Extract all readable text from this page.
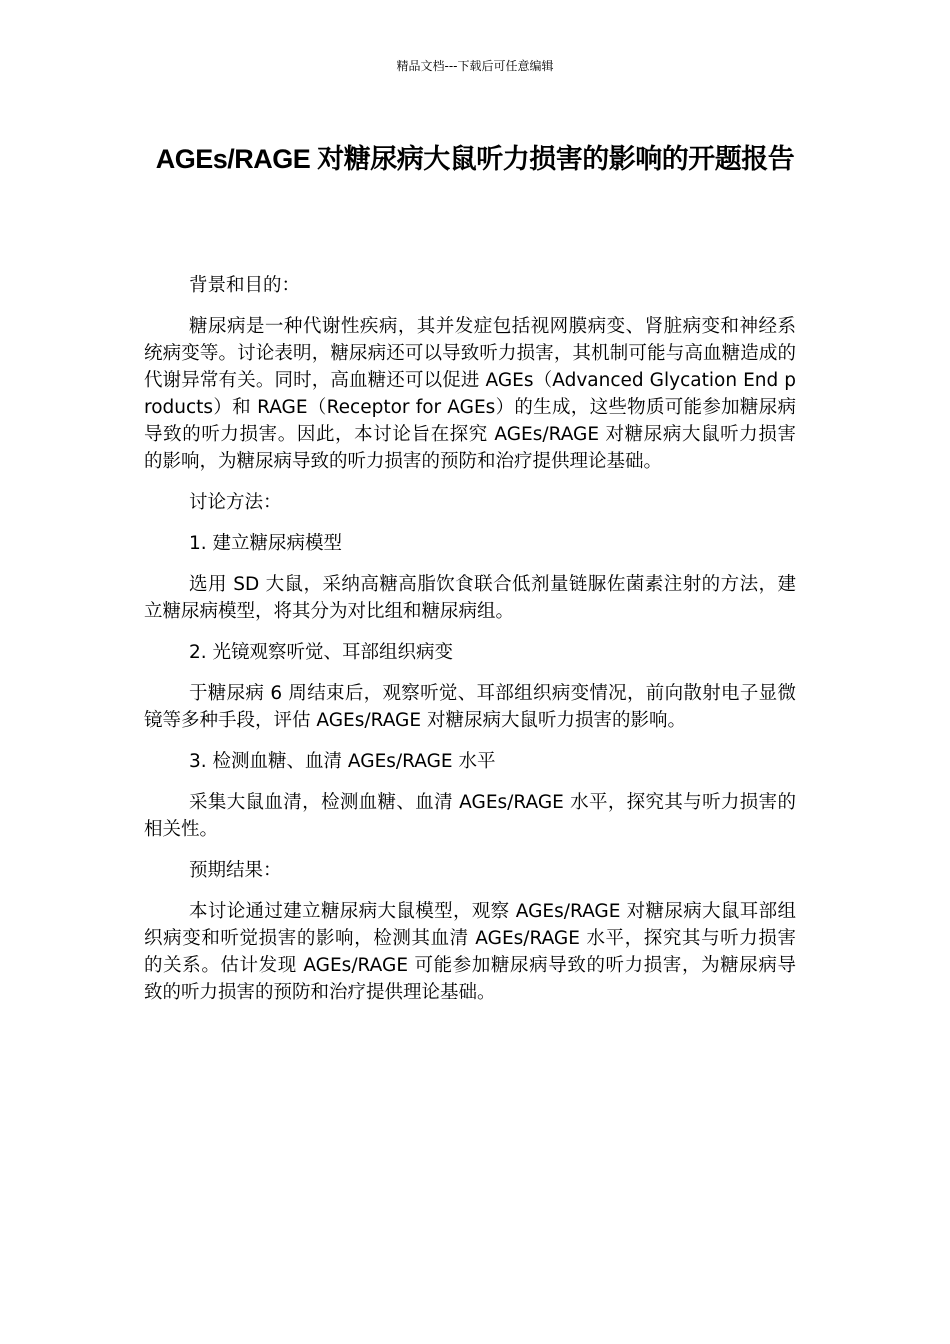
精品文档---下载后可任意编辑
AGEs/RAGE 对糖尿病大鼠听力损害的影响的开题报告

背景和目的：

糖尿病是一种代谢性疾病，其并发症包括视网膜病变、肾脏病变和神经系统病变等。讨论表明，糖尿病还可以导致听力损害，其机制可能与高血糖造成的代谢异常有关。同时，高血糖还可以促进 AGEs（Advanced Glycation End products）和 RAGE（Receptor for AGEs）的生成，这些物质可能参加糖尿病导致的听力损害。因此，本讨论旨在探究 AGEs/RAGE 对糖尿病大鼠听力损害的影响，为糖尿病导致的听力损害的预防和治疗提供理论基础。

讨论方法：

1. 建立糖尿病模型

选用 SD 大鼠，采纳高糖高脂饮食联合低剂量链脲佐菌素注射的方法，建立糖尿病模型，将其分为对比组和糖尿病组。

2. 光镜观察听觉、耳部组织病变

于糖尿病 6 周结束后，观察听觉、耳部组织病变情况，前向散射电子显微镜等多种手段，评估 AGEs/RAGE 对糖尿病大鼠听力损害的影响。

3. 检测血糖、血清 AGEs/RAGE 水平

采集大鼠血清，检测血糖、血清 AGEs/RAGE 水平，探究其与听力损害的相关性。

预期结果：

本讨论通过建立糖尿病大鼠模型，观察 AGEs/RAGE 对糖尿病大鼠耳部组织病变和听觉损害的影响，检测其血清 AGEs/RAGE 水平，探究其与听力损害的关系。估计发现 AGEs/RAGE 可能参加糖尿病导致的听力损害，为糖尿病导致的听力损害的预防和治疗提供理论基础。
